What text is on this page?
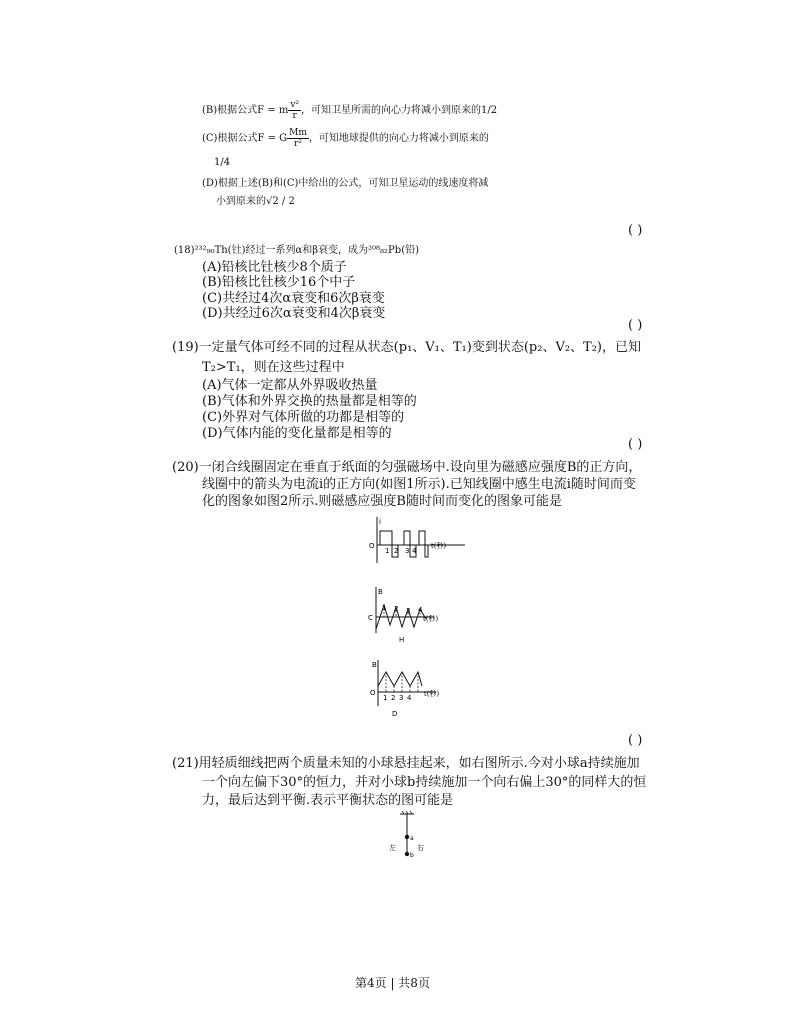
(B)根据公式F = m $\frac{\text{v²}}{r}$ ，可知卫星所需的向心力将减小到原来的1/2
(C)根据公式F = G $\frac{Mm}{\text{r²}}$ ，可知地球提供的向心力将减小到原来的
1/4
(D)根据上述(B)和(C)中给出的公式，可知卫星运动的线速度将减
小到原来的√2 / 2
( )
(18)²³²₉₀Th(钍)经过一系列α和β衰变，成为²⁰⁸₈₂Pb(铅)
(A)铅核比钍核少8个质子
(B)铅核比钍核少16个中子
(C)共经过4次α衰变和6次β衰变
(D)共经过6次α衰变和4次β衰变
( )
(19)一定量气体可经不同的过程从状态(p₁、V₁、T₁)变到状态(p₂、V₂、T₂)，已知
T₂>T₁，则在这些过程中
(A)气体一定都从外界吸收热量
(B)气体和外界交换的热量都是相等的
(C)外界对气体所做的功都是相等的
(D)气体内能的变化量都是相等的
( )
(20)一闭合线圈固定在垂直于纸面的匀强磁场中.设向里为磁感应强度B的正方向，
线圈中的箭头为电流i的正方向(如图1所示).已知线圈中感生电流i随时间而变
化的图象如图2所示.则磁感应强度B随时间而变化的图象可能是
i
O
1 2 3 4
t(秒)
B
C
1 2 3 4
t(秒)
H
B
O
1 2 3 4 t(秒)
D
( )
(21)用轻质细线把两个质量未知的小球悬挂起来，如右图所示.今对小球a持续施加
一个向左偏下30°的恒力，并对小球b持续施加一个向右偏上30°的同样大的恒
力，最后达到平衡.表示平衡状态的图可能是
a
b
左	右
第4页 | 共8页
